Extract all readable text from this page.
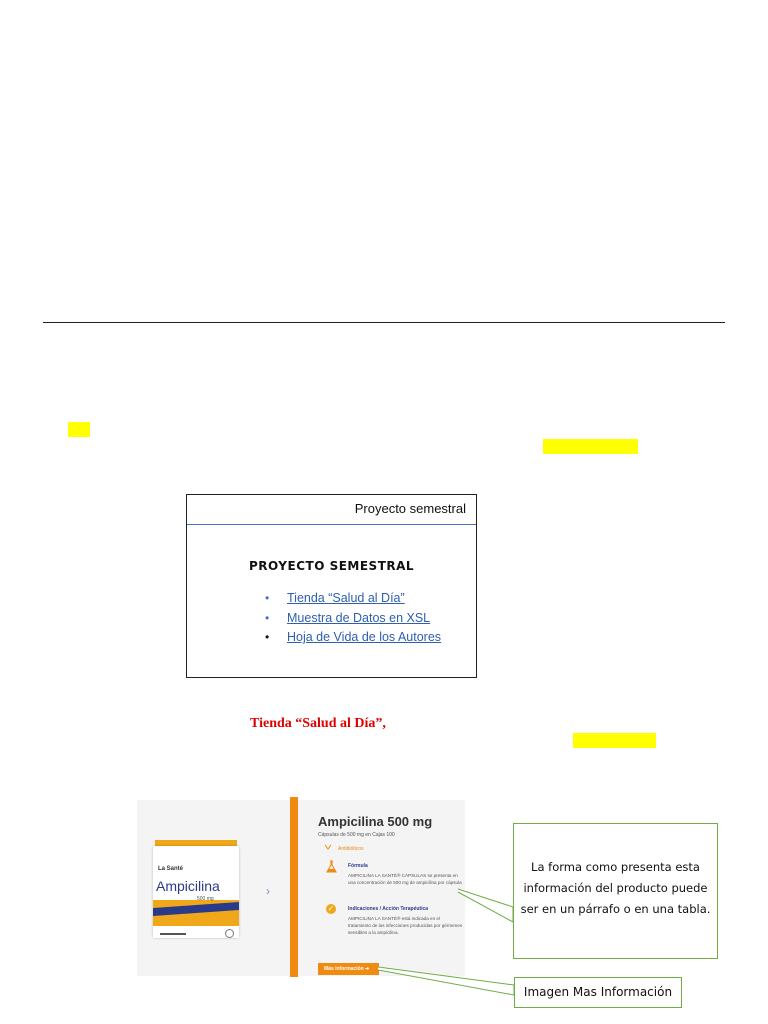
Proyecto semestral
PROYECTO SEMESTRAL
• Tienda “Salud al Día”
• Muestra de Datos en XSL
• Hoja de Vida de los Autores
Tienda “Salud al Día”,
La Santé
Ampicilina
500 mg
›
Ampicilina 500 mg
Cápsulas de 500 mg en Cajas 100
Antibióticos
Fórmula
AMPICILINA LA SANTÉ® CÁPSULAS se presenta en una concentración de 500 mg de ampicilina por cápsula
✓	Indicaciones / Acción Terapéutica
AMPICILINA LA SANTÉ® está indicada en el tratamiento de las infecciones producidas por gérmenes sensibles a la ampicilina.
Más información ➔
La forma como presenta esta información del producto puede ser en un párrafo o en una tabla.
Imagen Mas Información
